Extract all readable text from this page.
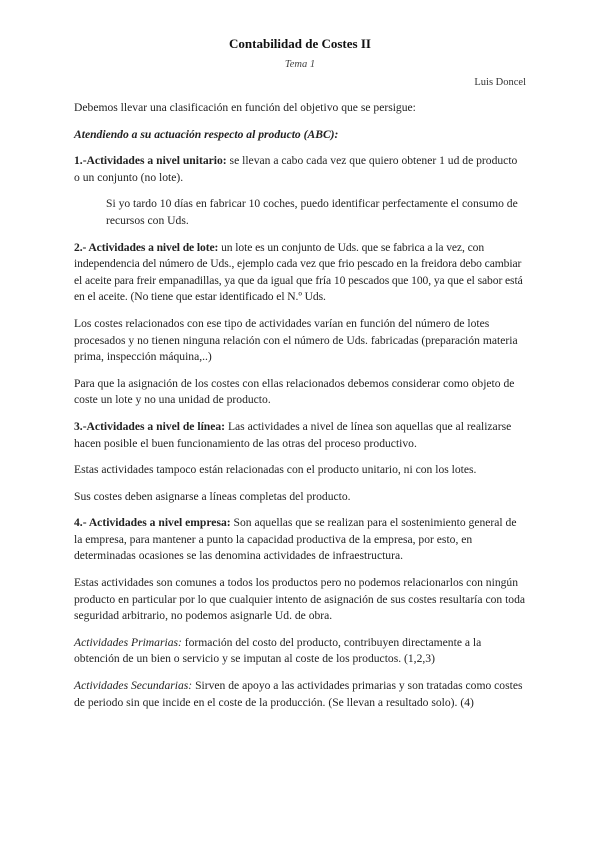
Contabilidad de Costes II
Tema 1
Luis Doncel

Debemos llevar una clasificación en función del objetivo que se persigue:

Atendiendo a su actuación respecto al producto (ABC):

1.-Actividades a nivel unitario: se llevan a cabo cada vez que quiero obtener 1 ud de producto o un conjunto (no lote).

Si yo tardo 10 días en fabricar 10 coches, puedo identificar perfectamente el consumo de recursos con Uds.

2.- Actividades a nivel de lote: un lote es un conjunto de Uds. que se fabrica a la vez, con independencia del número de Uds., ejemplo cada vez que frio pescado en la freidora debo cambiar el aceite para freir empanadillas, ya que da igual que fría 10 pescados que 100, ya que el sabor está en el aceite. (No tiene que estar identificado el N.º Uds.

Los costes relacionados con ese tipo de actividades varían en función del número de lotes procesados y no tienen ninguna relación con el número de Uds. fabricadas (preparación materia prima, inspección máquina,..)

Para que la asignación de los costes con ellas relacionados debemos considerar como objeto de coste un lote y no una unidad de producto.

3.-Actividades a nivel de línea: Las actividades a nivel de línea son aquellas que al realizarse hacen posible el buen funcionamiento de las otras del proceso productivo.

Estas actividades tampoco están relacionadas con el producto unitario, ni con los lotes.

Sus costes deben asignarse a líneas completas del producto.

4.- Actividades a nivel empresa: Son aquellas que se realizan para el sostenimiento general de la empresa, para mantener a punto la capacidad productiva de la empresa, por esto, en determinadas ocasiones se las denomina actividades de infraestructura.

Estas actividades son comunes a todos los productos pero no podemos relacionarlos con ningún producto en particular por lo que cualquier intento de asignación de sus costes resultaría con toda seguridad arbitrario, no podemos asignarle Ud. de obra.

Actividades Primarias: formación del costo del producto, contribuyen directamente a la obtención de un bien o servicio y se imputan al coste de los productos. (1,2,3)

Actividades Secundarias: Sirven de apoyo a las actividades primarias y son tratadas como costes de periodo sin que incide en el coste de la producción. (Se llevan a resultado solo). (4)
